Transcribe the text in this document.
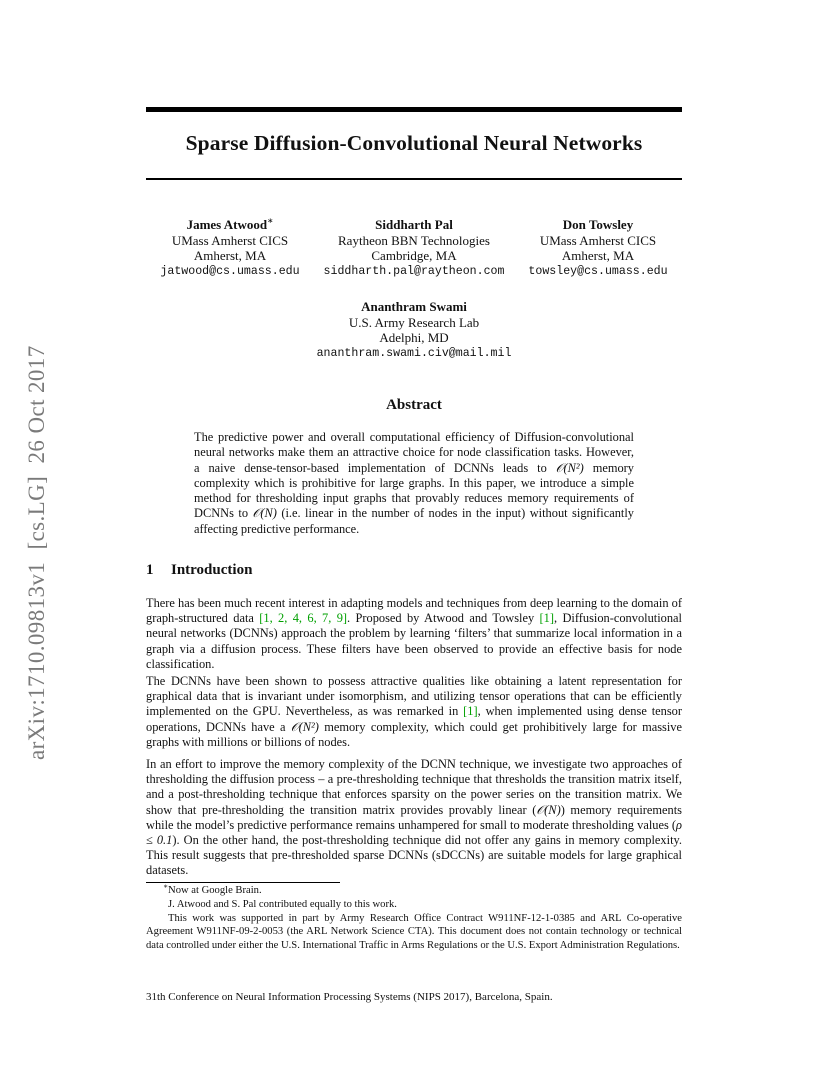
arXiv:1710.09813v1  [cs.LG]  26 Oct 2017
Sparse Diffusion-Convolutional Neural Networks
James Atwood∗
UMass Amherst CICS
Amherst, MA
jatwood@cs.umass.edu
Siddharth Pal
Raytheon BBN Technologies
Cambridge, MA
siddharth.pal@raytheon.com
Don Towsley
UMass Amherst CICS
Amherst, MA
towsley@cs.umass.edu
Ananthram Swami
U.S. Army Research Lab
Adelphi, MD
ananthram.swami.civ@mail.mil
Abstract
The predictive power and overall computational efficiency of Diffusion-convolutional neural networks make them an attractive choice for node classification tasks. However, a naive dense-tensor-based implementation of DCNNs leads to 𝒪(N²) memory complexity which is prohibitive for large graphs. In this paper, we introduce a simple method for thresholding input graphs that provably reduces memory requirements of DCNNs to 𝒪(N) (i.e. linear in the number of nodes in the input) without significantly affecting predictive performance.
1 Introduction
There has been much recent interest in adapting models and techniques from deep learning to the domain of graph-structured data [1, 2, 4, 6, 7, 9]. Proposed by Atwood and Towsley [1], Diffusion-convolutional neural networks (DCNNs) approach the problem by learning ‘filters’ that summarize local information in a graph via a diffusion process. These filters have been observed to provide an effective basis for node classification.
The DCNNs have been shown to possess attractive qualities like obtaining a latent representation for graphical data that is invariant under isomorphism, and utilizing tensor operations that can be efficiently implemented on the GPU. Nevertheless, as was remarked in [1], when implemented using dense tensor operations, DCNNs have a 𝒪(N²) memory complexity, which could get prohibitively large for massive graphs with millions or billions of nodes.
In an effort to improve the memory complexity of the DCNN technique, we investigate two approaches of thresholding the diffusion process – a pre-thresholding technique that thresholds the transition matrix itself, and a post-thresholding technique that enforces sparsity on the power series on the transition matrix. We show that pre-thresholding the transition matrix provides provably linear (𝒪(N)) memory requirements while the model’s predictive performance remains unhampered for small to moderate thresholding values (ρ ≤ 0.1). On the other hand, the post-thresholding technique did not offer any gains in memory complexity. This result suggests that pre-thresholded sparse DCNNs (sDCCNs) are suitable models for large graphical datasets.
∗Now at Google Brain.
J. Atwood and S. Pal contributed equally to this work.
This work was supported in part by Army Research Office Contract W911NF-12-1-0385 and ARL Co-operative Agreement W911NF-09-2-0053 (the ARL Network Science CTA). This document does not contain technology or technical data controlled under either the U.S. International Traffic in Arms Regulations or the U.S. Export Administration Regulations.
31th Conference on Neural Information Processing Systems (NIPS 2017), Barcelona, Spain.
